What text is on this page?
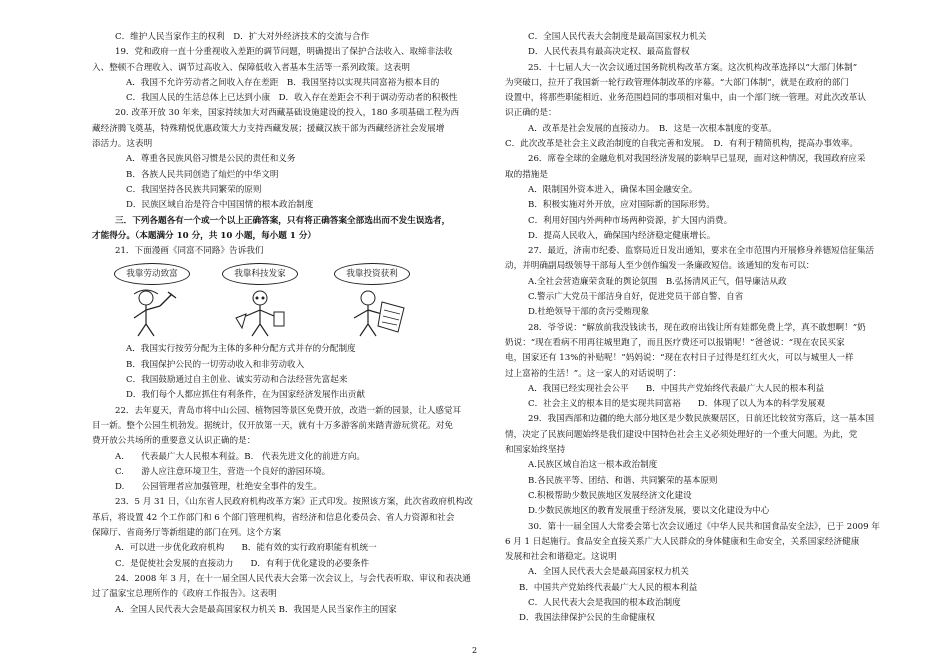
C．维护人民当家作主的权利　D．扩大对外经济技术的交流与合作
19．党和政府一直十分重视收入差距的调节问题，明确提出了保护合法收入、取缔非法收
入、整顿不合理收入、调节过高收入、保障低收入者基本生活等一系列政策。这表明
A．我国不允许劳动者之间收入存在差距　B．我国坚持以实现共同富裕为根本目的
C．我国人民的生活总体上已达到小康　D．收入存在差距会不利于调动劳动者的积极性
20. 改革开放 30 年来，国家持续加大对西藏基础设施建设的投入，180 多项基础工程为西
藏经济腾飞奠基，特殊精悦优惠政策大力支持西藏发展；援藏汉族干部为西藏经济社会发展增
添活力。这表明
A．尊重各民族风俗习惯是公民的责任和义务
B．各族人民共同创造了灿烂的中华文明
C．我国坚持各民族共同繁荣的原则
D．民族区域自治是符合中国国情的根本政治制度
三．下列各题各有一个或一个以上正确答案，只有将正确答案全部选出而不发生误选者，
才能得分。（本题满分 10 分，共 10 小题，每小题 1 分）
21．下面漫画《同富不同路》告诉我们
我靠劳动致富	我靠科技发家	我靠投资获利
A．我国实行按劳分配为主体的多种分配方式并存的分配制度
B．我国保护公民的一切劳动收入和非劳动收入
C．我国鼓励通过自主创业、诚实劳动和合法经营先富起来
D．我们每个人都应抓住有利条件，在为国家经济发展作出贡献
22．去年夏天，青岛市将中山公园、植物园等景区免费开放，改造一新的园景，让人感觉耳
目一新。整个公园生机勃发。据统计，仅开放第一天，就有十万多游客前来踏青游玩赏花。对免
费开放公共场所的重要意义认识正确的是：
A.　　代表最广大人民根本利益。B.　代表先进文化的前进方向。
C.　　游人应注意环境卫生，营造一个良好的游园环境。
D.　　公园管理者应加强管理，杜绝安全事件的发生。
23．5 月 31 日，《山东省人民政府机构改革方案》正式印发。按照该方案，此次省政府机构改
革后，将设置 42 个工作部门和 6 个部门管理机构，省经济和信息化委员会、省人力资源和社会
保障厅、省商务厅等新组建的部门在列。这个方案
A．可以进一步优化政府机构　　B．能有效的实行政府职能有机统一
C．是促使社会发展的直接动力　　D．有利于优化建设的必要条件
24．2008 年 3 月，在十一届全国人民代表大会第一次会议上，与会代表听取、审议和表决通
过了温家宝总理所作的《政府工作报告》。这表明
A．全国人民代表大会是最高国家权力机关 B．我国是人民当家作主的国家
C．全国人民代表大会制度是最高国家权力机关
D．人民代表具有最高决定权、最高监督权
25．十七届人大一次会议通过国务院机构改革方案。这次机构改革选择以“大部门体制”
为突破口，拉开了我国新一轮行政管理体制改革的序幕。“大部门体制”，就是在政府的部门
设置中，将那些职能相近、业务范围趋同的事项相对集中，由一个部门统一管理。对此次改革认
识正确的是：
A．改革是社会发展的直接动力。　B．这是一次根本制度的变革。
C．此次改革是社会主义政治制度的自我完善和发展。　D．有利于精简机构，提高办事效率。
26．席卷全球的金融危机对我国经济发展的影响早已显现，面对这种情况，我国政府应采
取的措施是
A．限制国外资本进入，确保本国金融安全。
B．积极实施对外开放，应对国际新的国际形势。
C．利用好国内外两种市场两种资源，扩大国内消费。
D．提高人民收入，确保国内经济稳定健康增长。
27．最近，济南市纪委、监察局近日发出通知，要求在全市范围内开展修身养德短信征集活
动，并明确副局级领导干部每人至少创作编发一条廉政短信。该通知的发布可以：
A.全社会营造廉荣贪耻的舆论氛围　B.弘扬清风正气，倡导廉洁从政
C.警示广大党员干部洁身自好，促进党员干部自警、自省
D.杜绝领导干部的贪污受贿现象
28．爷爷说：“解放前我没钱读书，现在政府出钱让所有娃都免费上学，真不敢想啊！”奶
奶说：“现在看病不用再往城里跑了，而且医疗费还可以报销呢！”爸爸说：“现在农民买家
电，国家还有 13%的补贴呢！”妈妈说：“现在农村日子过得是红红火火，可以与城里人一样
过上富裕的生活！”。这一家人的对话说明了：
A．我国已经实现社会公平　　B．中国共产党始终代表最广大人民的根本利益
C．社会主义的根本目的是实现共同富裕　　D．体现了以人为本的科学发展观
29．我国西部和边疆的绝大部分地区是少数民族聚居区，日前还比较贫穷落后，这一基本国
情，决定了民族问题始终是我们建设中国特色社会主义必须处理好的一个重大问题。为此，党
和国家始终坚持
A.民族区域自治这一根本政治制度
B.各民族平等、团结、和谐、共同繁荣的基本原则
C.积极帮助少数民族地区发展经济文化建设
D.少数民族地区的教育发展重于经济发展，要以文化建设为中心
30．第十一届全国人大常委会第七次会议通过《中华人民共和国食品安全法》，已于 2009 年
6 月 1 日起施行。食品安全直接关系广大人民群众的身体健康和生命安全，关系国家经济健康
发展和社会和谐稳定。这说明
A．全国人民代表大会是最高国家权力机关
B．中国共产党始终代表最广大人民的根本利益
C．人民代表大会是我国的根本政治制度
D．我国法律保护公民的生命健康权
2
